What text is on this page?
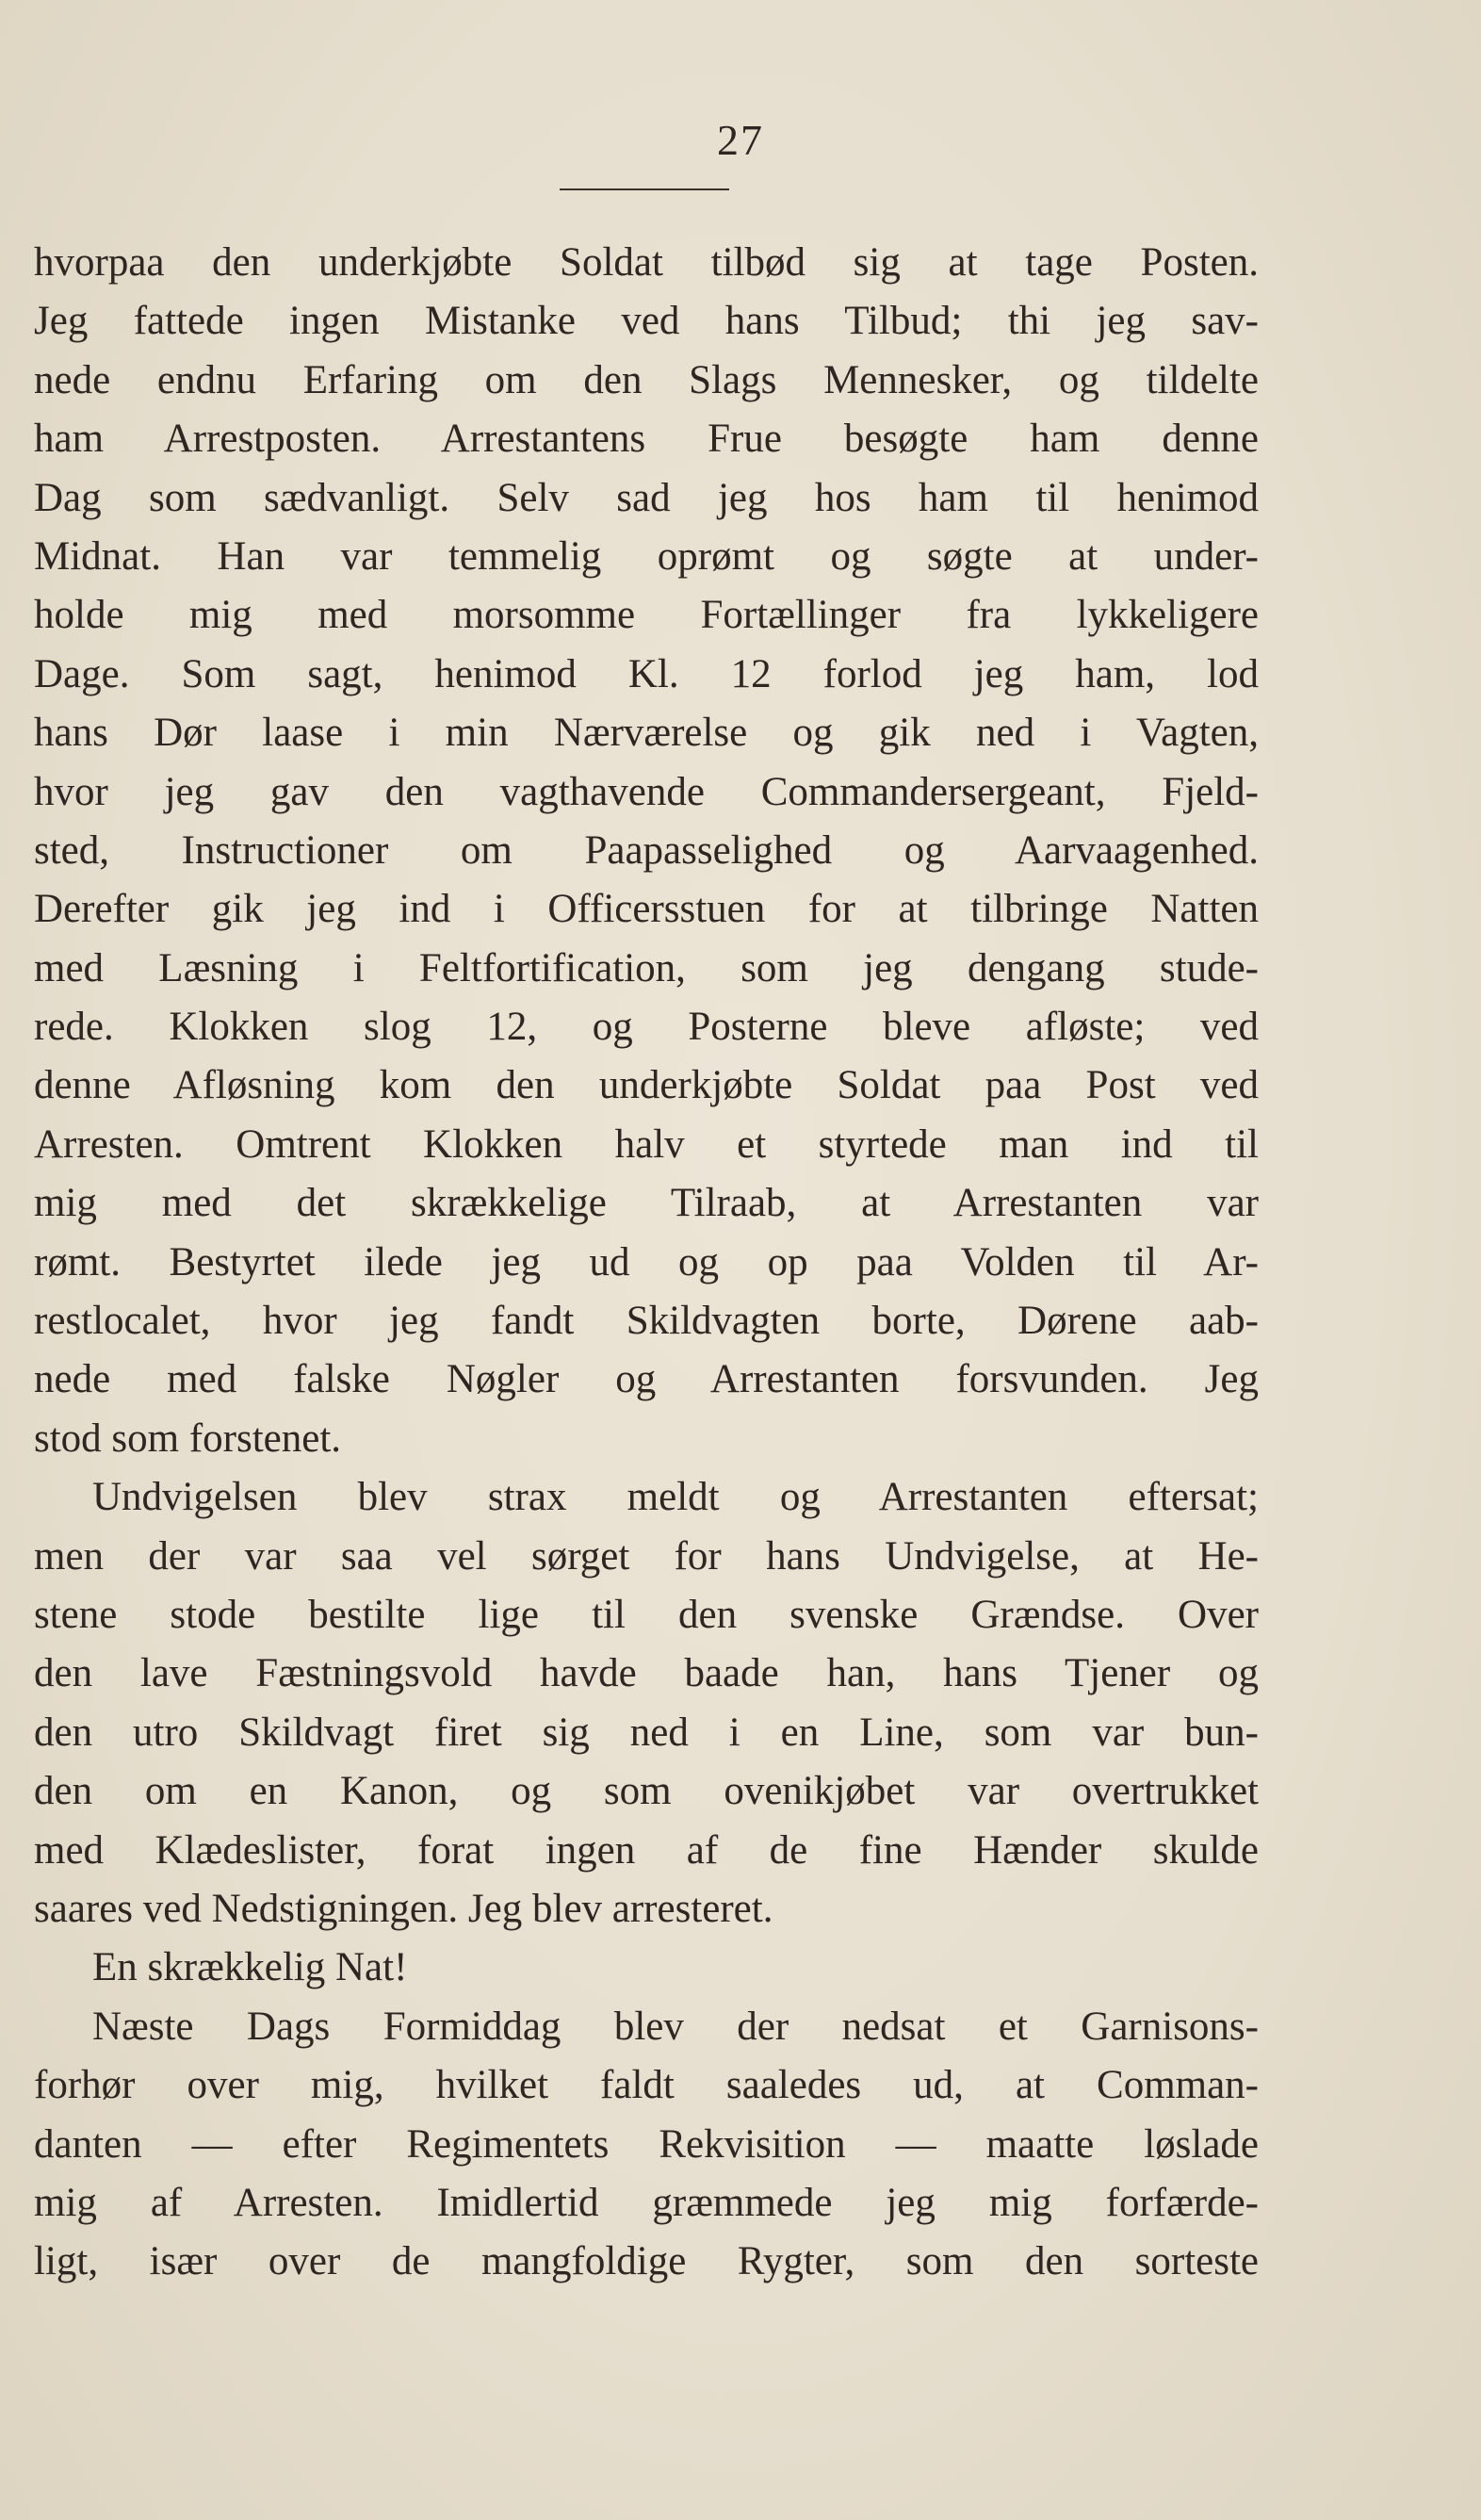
27
hvorpaa den underkjøbte Soldat tilbød sig at tage Posten.
Jeg fattede ingen Mistanke ved hans Tilbud; thi jeg sav-
nede endnu Erfaring om den Slags Mennesker, og tildelte
ham Arrestposten. Arrestantens Frue besøgte ham denne
Dag som sædvanligt. Selv sad jeg hos ham til henimod
Midnat. Han var temmelig oprømt og søgte at under-
holde mig med morsomme Fortællinger fra lykkeligere
Dage. Som sagt, henimod Kl. 12 forlod jeg ham, lod
hans Dør laase i min Nærværelse og gik ned i Vagten,
hvor jeg gav den vagthavende Commandersergeant, Fjeld-
sted, Instructioner om Paapasselighed og Aarvaagenhed.
Derefter gik jeg ind i Officersstuen for at tilbringe Natten
med Læsning i Feltfortification, som jeg dengang stude-
rede. Klokken slog 12, og Posterne bleve afløste; ved
denne Afløsning kom den underkjøbte Soldat paa Post ved
Arresten. Omtrent Klokken halv et styrtede man ind til
mig med det skrækkelige Tilraab, at Arrestanten var
rømt. Bestyrtet ilede jeg ud og op paa Volden til Ar-
restlocalet, hvor jeg fandt Skildvagten borte, Dørene aab-
nede med falske Nøgler og Arrestanten forsvunden. Jeg
stod som forstenet.
Undvigelsen blev strax meldt og Arrestanten eftersat;
men der var saa vel sørget for hans Undvigelse, at He-
stene stode bestilte lige til den svenske Grændse. Over
den lave Fæstningsvold havde baade han, hans Tjener og
den utro Skildvagt firet sig ned i en Line, som var bun-
den om en Kanon, og som ovenikjøbet var overtrukket
med Klædeslister, forat ingen af de fine Hænder skulde
saares ved Nedstigningen. Jeg blev arresteret.
En skrækkelig Nat!
Næste Dags Formiddag blev der nedsat et Garnisons-
forhør over mig, hvilket faldt saaledes ud, at Comman-
danten — efter Regimentets Rekvisition — maatte løslade
mig af Arresten. Imidlertid græmmede jeg mig forfærde-
ligt, især over de mangfoldige Rygter, som den sorteste
